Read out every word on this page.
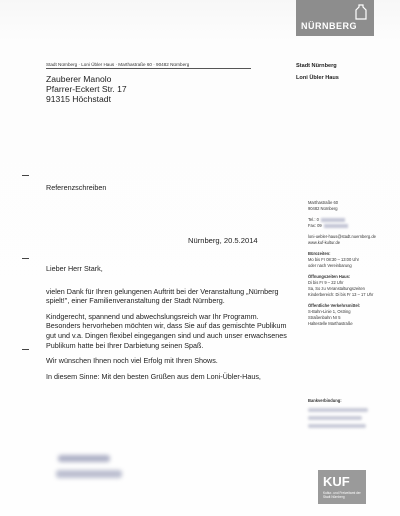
NÜRNBERG
Stadt Nürnberg · Loni Übler Haus · Marthastraße 60 · 90482 Nürnberg
Zauberer Manolo
Pfarrer-Eckert Str. 17
91315 Höchstadt
Stadt Nürnberg
Loni Übler Haus
Referenzschreiben
Nürnberg, 20.5.2014

Lieber Herr Stark,

vielen Dank für Ihren gelungenen Auftritt bei der Veranstaltung „Nürnberg spielt!", einer Familienveranstaltung der Stadt Nürnberg.

Kindgerecht, spannend und abwechslungsreich war Ihr Programm. Besonders hervorheben möchten wir, dass Sie auf das gemischte Publikum gut und v.a. Dingen flexibel eingegangen sind und auch unser erwachsenes Publikum hatte bei Ihrer Darbietung seinen Spaß.

Wir wünschen Ihnen noch viel Erfolg mit Ihren Shows.

In diesem Sinne: Mit den besten Grüßen aus dem Loni-Übler-Haus,

Marthastraße 60
90482 Nürnberg
Tel.: 0
Fax: 09
loni-uebler-haus@stadt.nuernberg.de
www.kuf-kultur.de
Bürozeiten:
Mo bis Fr 08:30 – 13:00 Uhr
oder nach Vereinbarung
Öffnungszeiten Haus:
Di bis Fr 9 – 22 Uhr
Sa, So zu Veranstaltungszeiten
Kinderbereich: Di bis Fr 13 – 17 Uhr
Öffentliche Verkehrsmittel:
S-Bahn-Linie 1, Ostring
Straßenbahn Nr 5
Haltestelle Marthastraße
Bankverbindung:
KUF
Kultur- und Freizeitamt der Stadt Nürnberg
